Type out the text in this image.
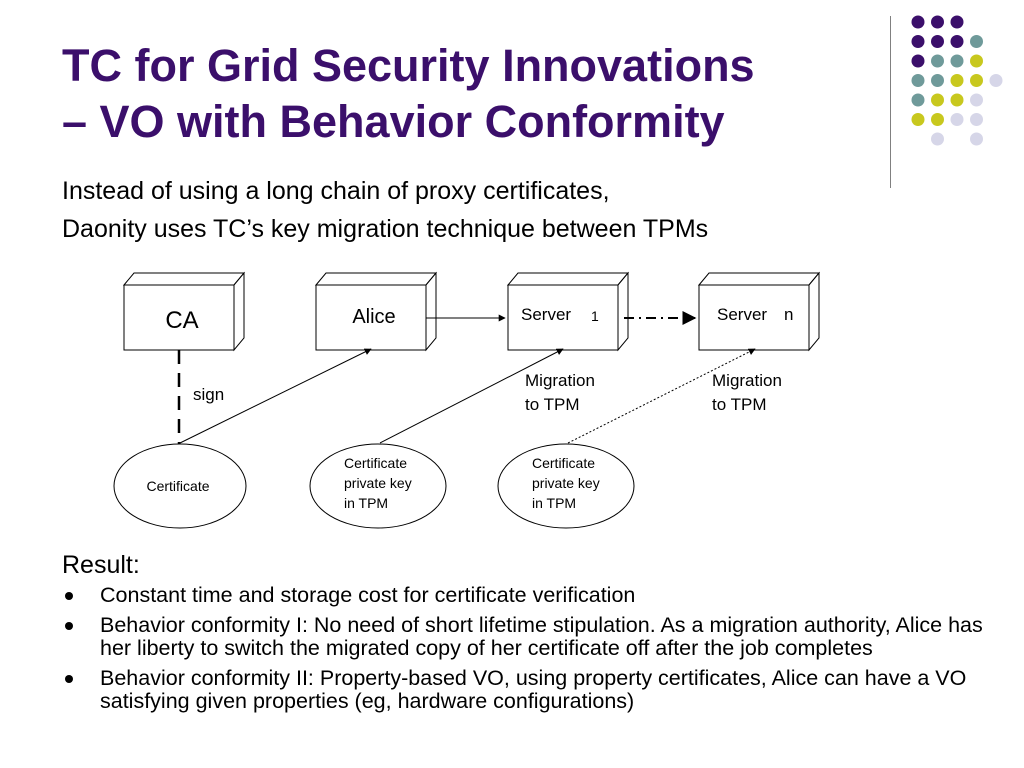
TC for Grid Security Innovations
– VO with Behavior Conformity
Instead of using a long chain of proxy certificates,
Daonity uses TC’s key migration technique between TPMs
CA	Alice	Server 1	Server n
sign
Migration to TPM
Migration to TPM
Certificate
Certificate private key in TPM
Certificate private key in TPM
Result:
Constant time and storage cost for certificate verification
Behavior conformity I: No need of short lifetime stipulation. As a migration authority, Alice has her liberty to switch the migrated copy of her certificate off after the job completes
Behavior conformity II: Property-based VO, using property certificates, Alice can have a VO satisfying given properties (eg, hardware configurations)
